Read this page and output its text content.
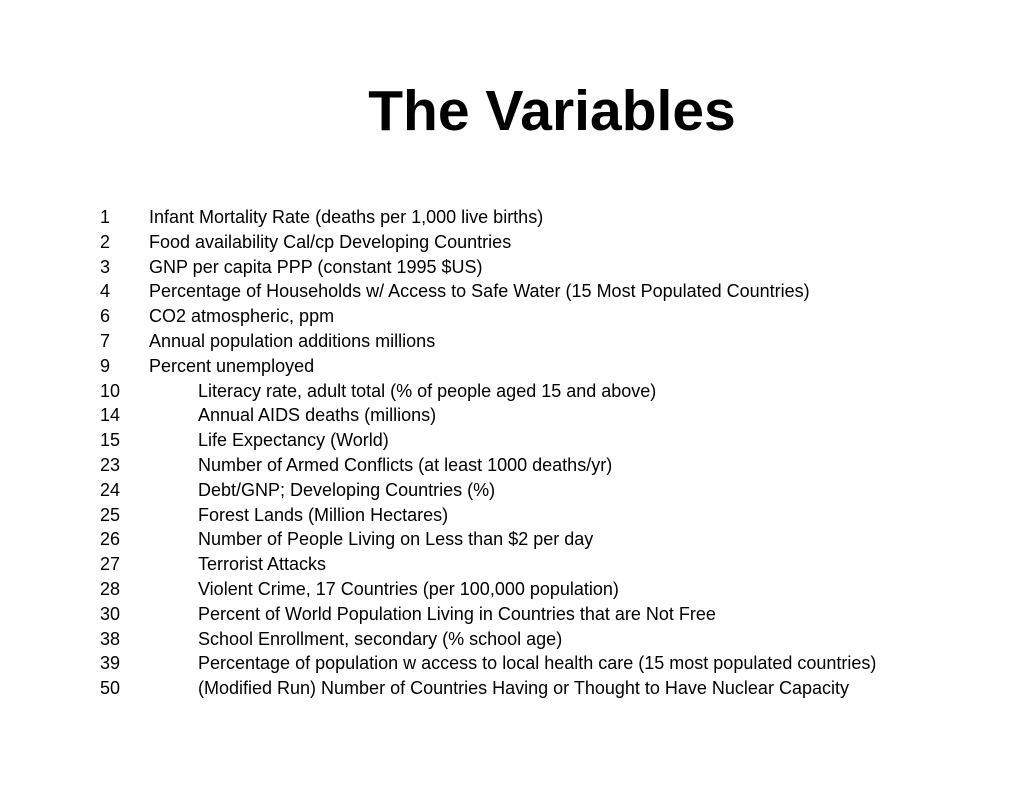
The Variables
1 Infant Mortality Rate (deaths per 1,000 live births)
2 Food availability Cal/cp Developing Countries
3 GNP per capita PPP (constant 1995 $US)
4 Percentage of Households w/ Access to Safe Water (15 Most Populated Countries)
6 CO2 atmospheric, ppm
7 Annual population additions millions
9 Percent unemployed
10	Literacy rate, adult total (% of people aged 15 and above)
14	Annual AIDS deaths (millions)
15	Life Expectancy (World)
23	Number of Armed Conflicts (at least 1000 deaths/yr)
24	Debt/GNP; Developing Countries (%)
25	Forest Lands (Million Hectares)
26	Number of People Living on Less than $2 per day
27	Terrorist Attacks
28	Violent Crime, 17 Countries (per 100,000 population)
30	Percent of World Population Living in Countries that are Not Free
38	School Enrollment, secondary (% school age)
39	Percentage of population w access to local health care (15 most populated countries)
50	(Modified Run) Number of Countries Having or Thought to Have Nuclear Capacity
